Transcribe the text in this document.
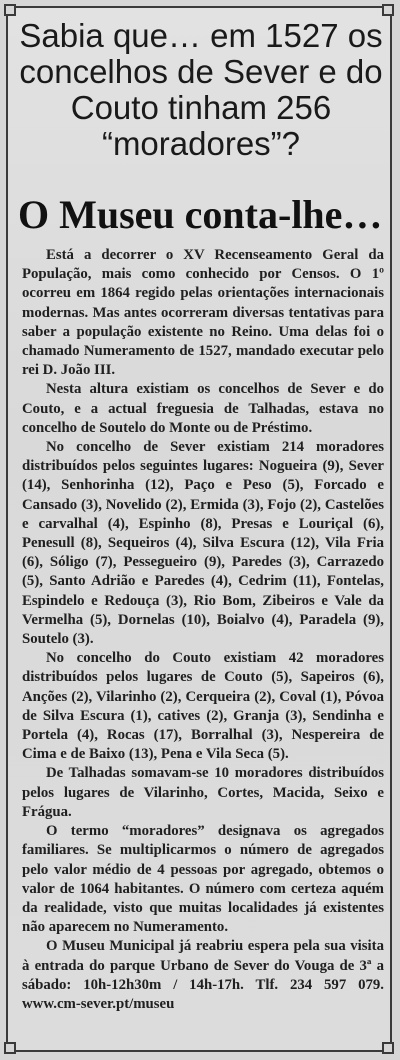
Sabia que… em 1527 os concelhos de Sever e do Couto tinham 256 “moradores”?
O Museu conta-lhe…

Está a decorrer o XV Recenseamento Geral da População, mais como conhecido por Censos. O 1º ocorreu em 1864 regido pelas orientações internacionais modernas. Mas antes ocorreram diversas tentativas para saber a população existente no Reino. Uma delas foi o chamado Numeramento de 1527, mandado executar pelo rei D. João III.

Nesta altura existiam os concelhos de Sever e do Couto, e a actual freguesia de Talhadas, estava no concelho de Soutelo do Monte ou de Préstimo.

No concelho de Sever existiam 214 moradores distribuídos pelos seguintes lugares: Nogueira (9), Sever (14), Senhorinha (12), Paço e Peso (5), Forcado e Cansado (3), Novelido (2), Ermida (3), Fojo (2), Castelões e carvalhal (4), Espinho (8), Presas e Louriçal (6), Penesull (8), Sequeiros (4), Silva Escura (12), Vila Fria (6), Sóligo (7), Pessegueiro (9), Paredes (3), Carrazedo (5), Santo Adrião e Paredes (4), Cedrim (11), Fontelas, Espindelo e Redouça (3), Rio Bom, Zibeiros e Vale da Vermelha (5), Dornelas (10), Boialvo (4), Paradela (9), Soutelo (3).

No concelho do Couto existiam 42 moradores distribuídos pelos lugares de Couto (5), Sapeiros (6), Anções (2), Vilarinho (2), Cerqueira (2), Coval (1), Póvoa de Silva Escura (1), catives (2), Granja (3), Sendinha e Portela (4), Rocas (17), Borralhal (3), Nespereira de Cima e de Baixo (13), Pena e Vila Seca (5).

De Talhadas somavam-se 10 moradores distribuídos pelos lugares de Vilarinho, Cortes, Macida, Seixo e Frágua.

O termo “moradores” designava os agregados familiares. Se multiplicarmos o número de agregados pelo valor médio de 4 pessoas por agregado, obtemos o valor de 1064 habitantes. O número com certeza aquém da realidade, visto que muitas localidades já existentes não aparecem no Numeramento.

O Museu Municipal já reabriu espera pela sua visita à entrada do parque Urbano de Sever do Vouga de 3ª a sábado: 10h-12h30m / 14h-17h. Tlf. 234 597 079. www.cm-sever.pt/museu
